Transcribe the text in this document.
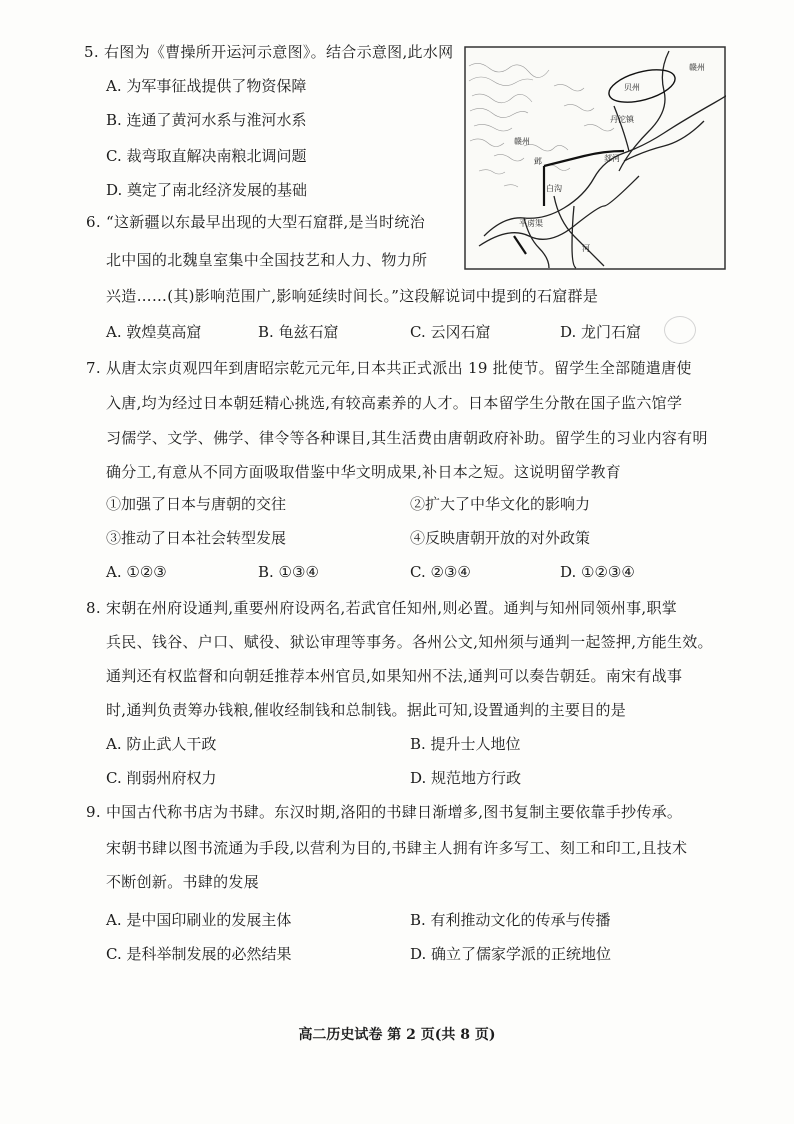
5. 右图为《曹操所开运河示意图》。结合示意图,此水网
A. 为军事征战提供了物资保障
B. 连通了黄河水系与淮河水系
C. 裁弯取直解决南粮北调问题
D. 奠定了南北经济发展的基础
赣州
贝州
丹沱镇
郯河
邺
白沟
平虏渠
河
赣州
6. “这新疆以东最早出现的大型石窟群,是当时统治
北中国的北魏皇室集中全国技艺和人力、物力所
兴造……(其)影响范围广,影响延续时间长。”这段解说词中提到的石窟群是
A. 敦煌莫高窟	B. 龟兹石窟	C. 云冈石窟	D. 龙门石窟
7. 从唐太宗贞观四年到唐昭宗乾元元年,日本共正式派出 19 批使节。留学生全部随遣唐使
入唐,均为经过日本朝廷精心挑选,有较高素养的人才。日本留学生分散在国子监六馆学
习儒学、文学、佛学、律令等各种课目,其生活费由唐朝政府补助。留学生的习业内容有明
确分工,有意从不同方面吸取借鉴中华文明成果,补日本之短。这说明留学教育
①加强了日本与唐朝的交往	②扩大了中华文化的影响力
③推动了日本社会转型发展	④反映唐朝开放的对外政策
A. ①②③	B. ①③④	C. ②③④	D. ①②③④
8. 宋朝在州府设通判,重要州府设两名,若武官任知州,则必置。通判与知州同领州事,职掌
兵民、钱谷、户口、赋役、狱讼审理等事务。各州公文,知州须与通判一起签押,方能生效。
通判还有权监督和向朝廷推荐本州官员,如果知州不法,通判可以奏告朝廷。南宋有战事
时,通判负责筹办钱粮,催收经制钱和总制钱。据此可知,设置通判的主要目的是
A. 防止武人干政	B. 提升士人地位
C. 削弱州府权力	D. 规范地方行政
9. 中国古代称书店为书肆。东汉时期,洛阳的书肆日渐增多,图书复制主要依靠手抄传承。
宋朝书肆以图书流通为手段,以营利为目的,书肆主人拥有许多写工、刻工和印工,且技术
不断创新。书肆的发展
A. 是中国印刷业的发展主体	B. 有利推动文化的传承与传播
C. 是科举制发展的必然结果	D. 确立了儒家学派的正统地位
高二历史试卷 第 2 页(共 8 页)
